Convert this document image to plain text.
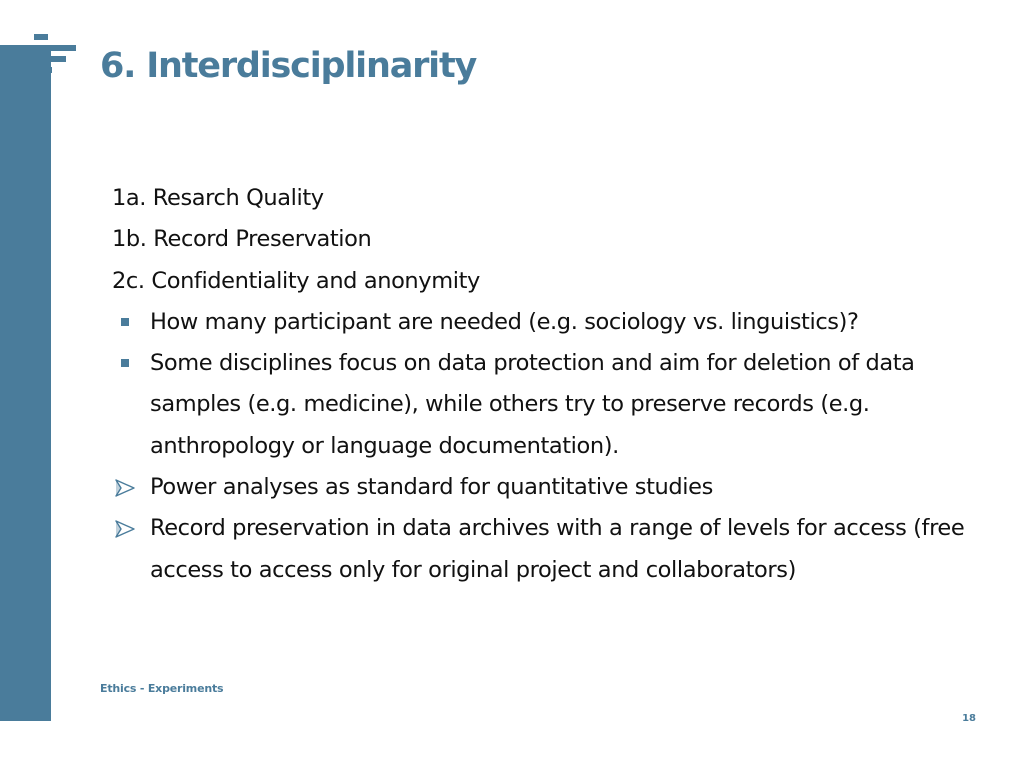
6. Interdisciplinarity
1a. Resarch Quality
1b. Record Preservation
2c. Confidentiality and anonymity
How many participant are needed (e.g. sociology vs. linguistics)?
Some disciplines focus on data protection and aim for deletion of data samples (e.g. medicine), while others try to preserve records (e.g. anthropology or language documentation).
Power analyses as standard for quantitative studies
Record preservation in data archives with a range of levels for access (free access to access only for original project and collaborators)
Ethics - Experiments
18
